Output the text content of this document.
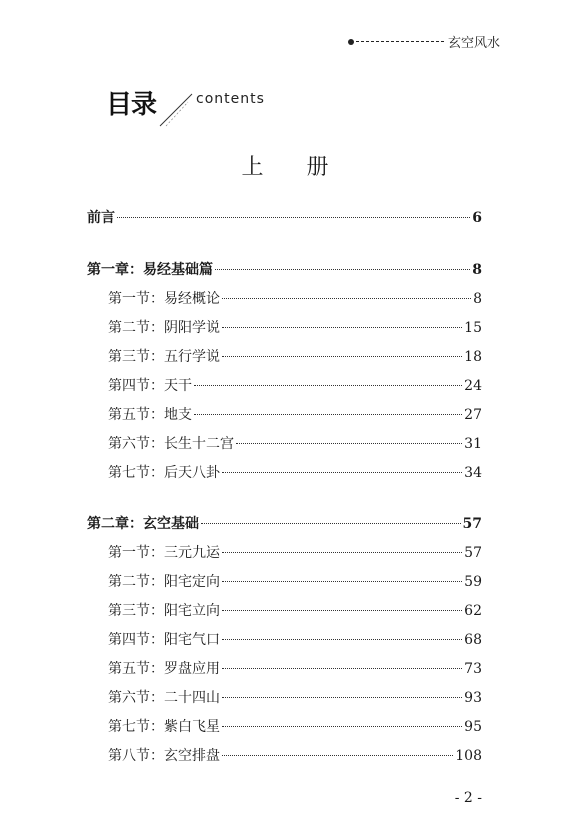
玄空风水
目录	contents
上 册
前言	6
第一章：易经基础篇	8
第一节：易经概论	8
第二节：阴阳学说	15
第三节：五行学说	18
第四节：天干	24
第五节：地支	27
第六节：长生十二宫	31
第七节：后天八卦	34
第二章：玄空基础	57
第一节：三元九运	57
第二节：阳宅定向	59
第三节：阳宅立向	62
第四节：阳宅气口	68
第五节：罗盘应用	73
第六节：二十四山	93
第七节：紫白飞星	95
第八节：玄空排盘	108
- 2 -
